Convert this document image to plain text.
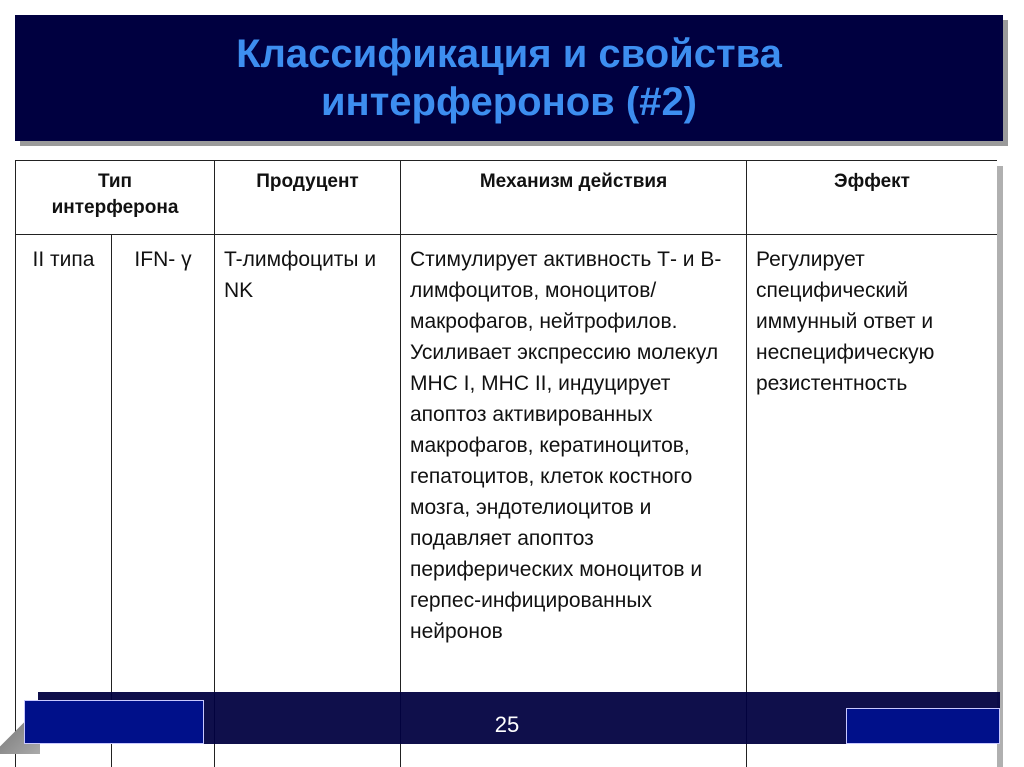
Классификация и свойства
интерферонов (#2)
Тип интерферона		Продуцент	Механизм действия	Эффект
II типа	IFN- γ	T-лимфоциты и NK	Стимулирует активность Т- и В-лимфоцитов, моноцитов/макрофагов, нейтрофилов. Усиливает экспрессию молекул МНС I, МНС II, индуцирует апоптоз активированных макрофагов, кератиноцитов, гепатоцитов, клеток костного мозга, эндотелиоцитов и подавляет апоптоз периферических моноцитов и герпес-инфицированных нейронов	Регулирует специфический иммунный ответ и неспецифическую резистентность
25
